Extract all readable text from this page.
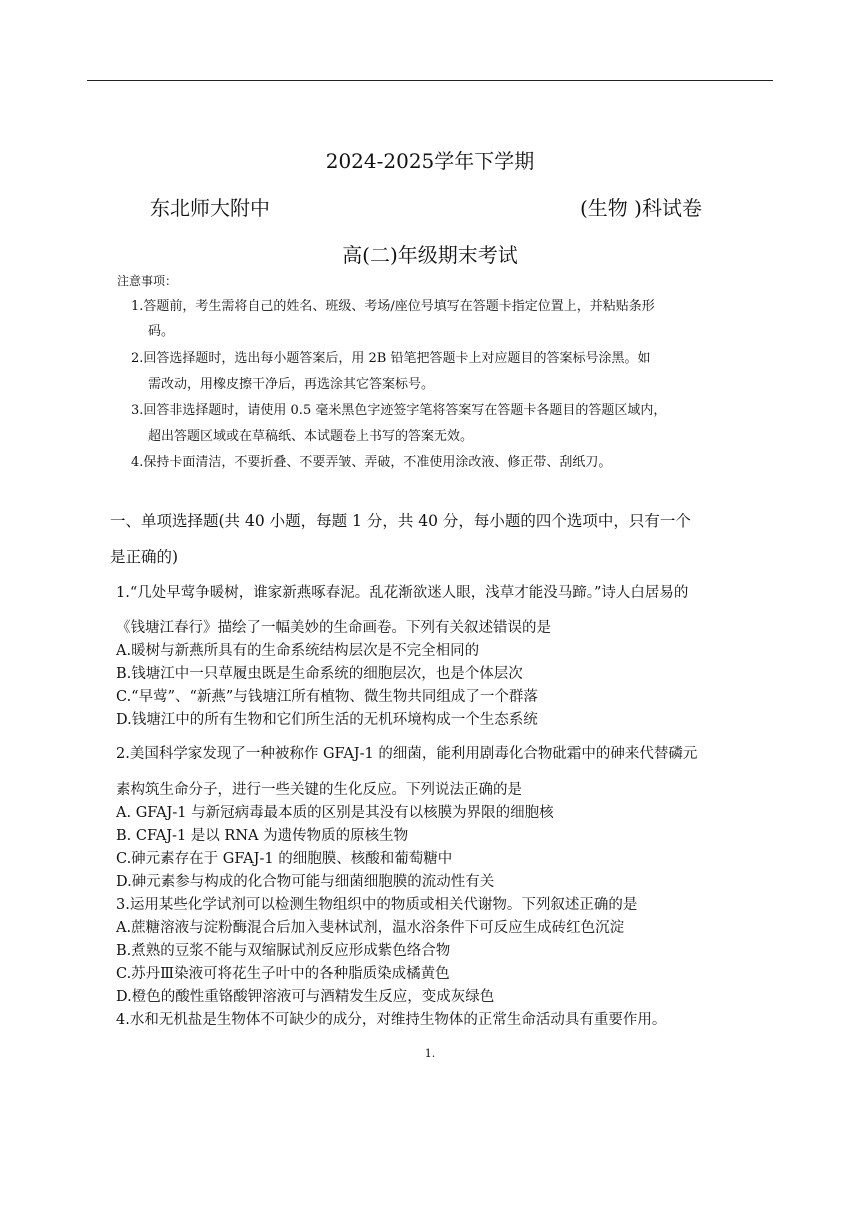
2024-2025学年下学期
东北师大附中	(生物 )科试卷
高(二)年级期末考试
注意事项：
1.答题前，考生需将自己的姓名、班级、考场/座位号填写在答题卡指定位置上，并粘贴条形
码。
2.回答选择题时，选出每小题答案后，用 2B 铅笔把答题卡上对应题目的答案标号涂黑。如
需改动，用橡皮擦干净后，再选涂其它答案标号。
3.回答非选择题时，请使用 0.5 毫米黑色字迹签字笔将答案写在答题卡各题目的答题区域内，
超出答题区域或在草稿纸、本试题卷上书写的答案无效。
4.保持卡面清洁，不要折叠、不要弄皱、弄破，不准使用涂改液、修正带、刮纸刀。
一、单项选择题(共 40 小题，每题 1 分，共 40 分，每小题的四个选项中，只有一个
是正确的)
1.“几处早莺争暖树，谁家新燕啄春泥。乱花渐欲迷人眼，浅草才能没马蹄。”诗人白居易的
《钱塘江春行》描绘了一幅美妙的生命画卷。下列有关叙述错误的是
A.暖树与新燕所具有的生命系统结构层次是不完全相同的
B.钱塘江中一只草履虫既是生命系统的细胞层次，也是个体层次
C.“早莺”、“新燕”与钱塘江所有植物、微生物共同组成了一个群落
D.钱塘江中的所有生物和它们所生活的无机环境构成一个生态系统
2.美国科学家发现了一种被称作 GFAJ-1 的细菌，能利用剧毒化合物砒霜中的砷来代替磷元
素构筑生命分子，进行一些关键的生化反应。下列说法正确的是
A. GFAJ-1 与新冠病毒最本质的区别是其没有以核膜为界限的细胞核
B. CFAJ-1 是以 RNA 为遗传物质的原核生物
C.砷元素存在于 GFAJ-1 的细胞膜、核酸和葡萄糖中
D.砷元素参与构成的化合物可能与细菌细胞膜的流动性有关
3.运用某些化学试剂可以检测生物组织中的物质或相关代谢物。下列叙述正确的是
A.蔗糖溶液与淀粉酶混合后加入斐林试剂，温水浴条件下可反应生成砖红色沉淀
B.煮熟的豆浆不能与双缩脲试剂反应形成紫色络合物
C.苏丹Ⅲ染液可将花生子叶中的各种脂质染成橘黄色
D.橙色的酸性重铬酸钾溶液可与酒精发生反应，变成灰绿色
4.水和无机盐是生物体不可缺少的成分，对维持生物体的正常生命活动具有重要作用。
1.
